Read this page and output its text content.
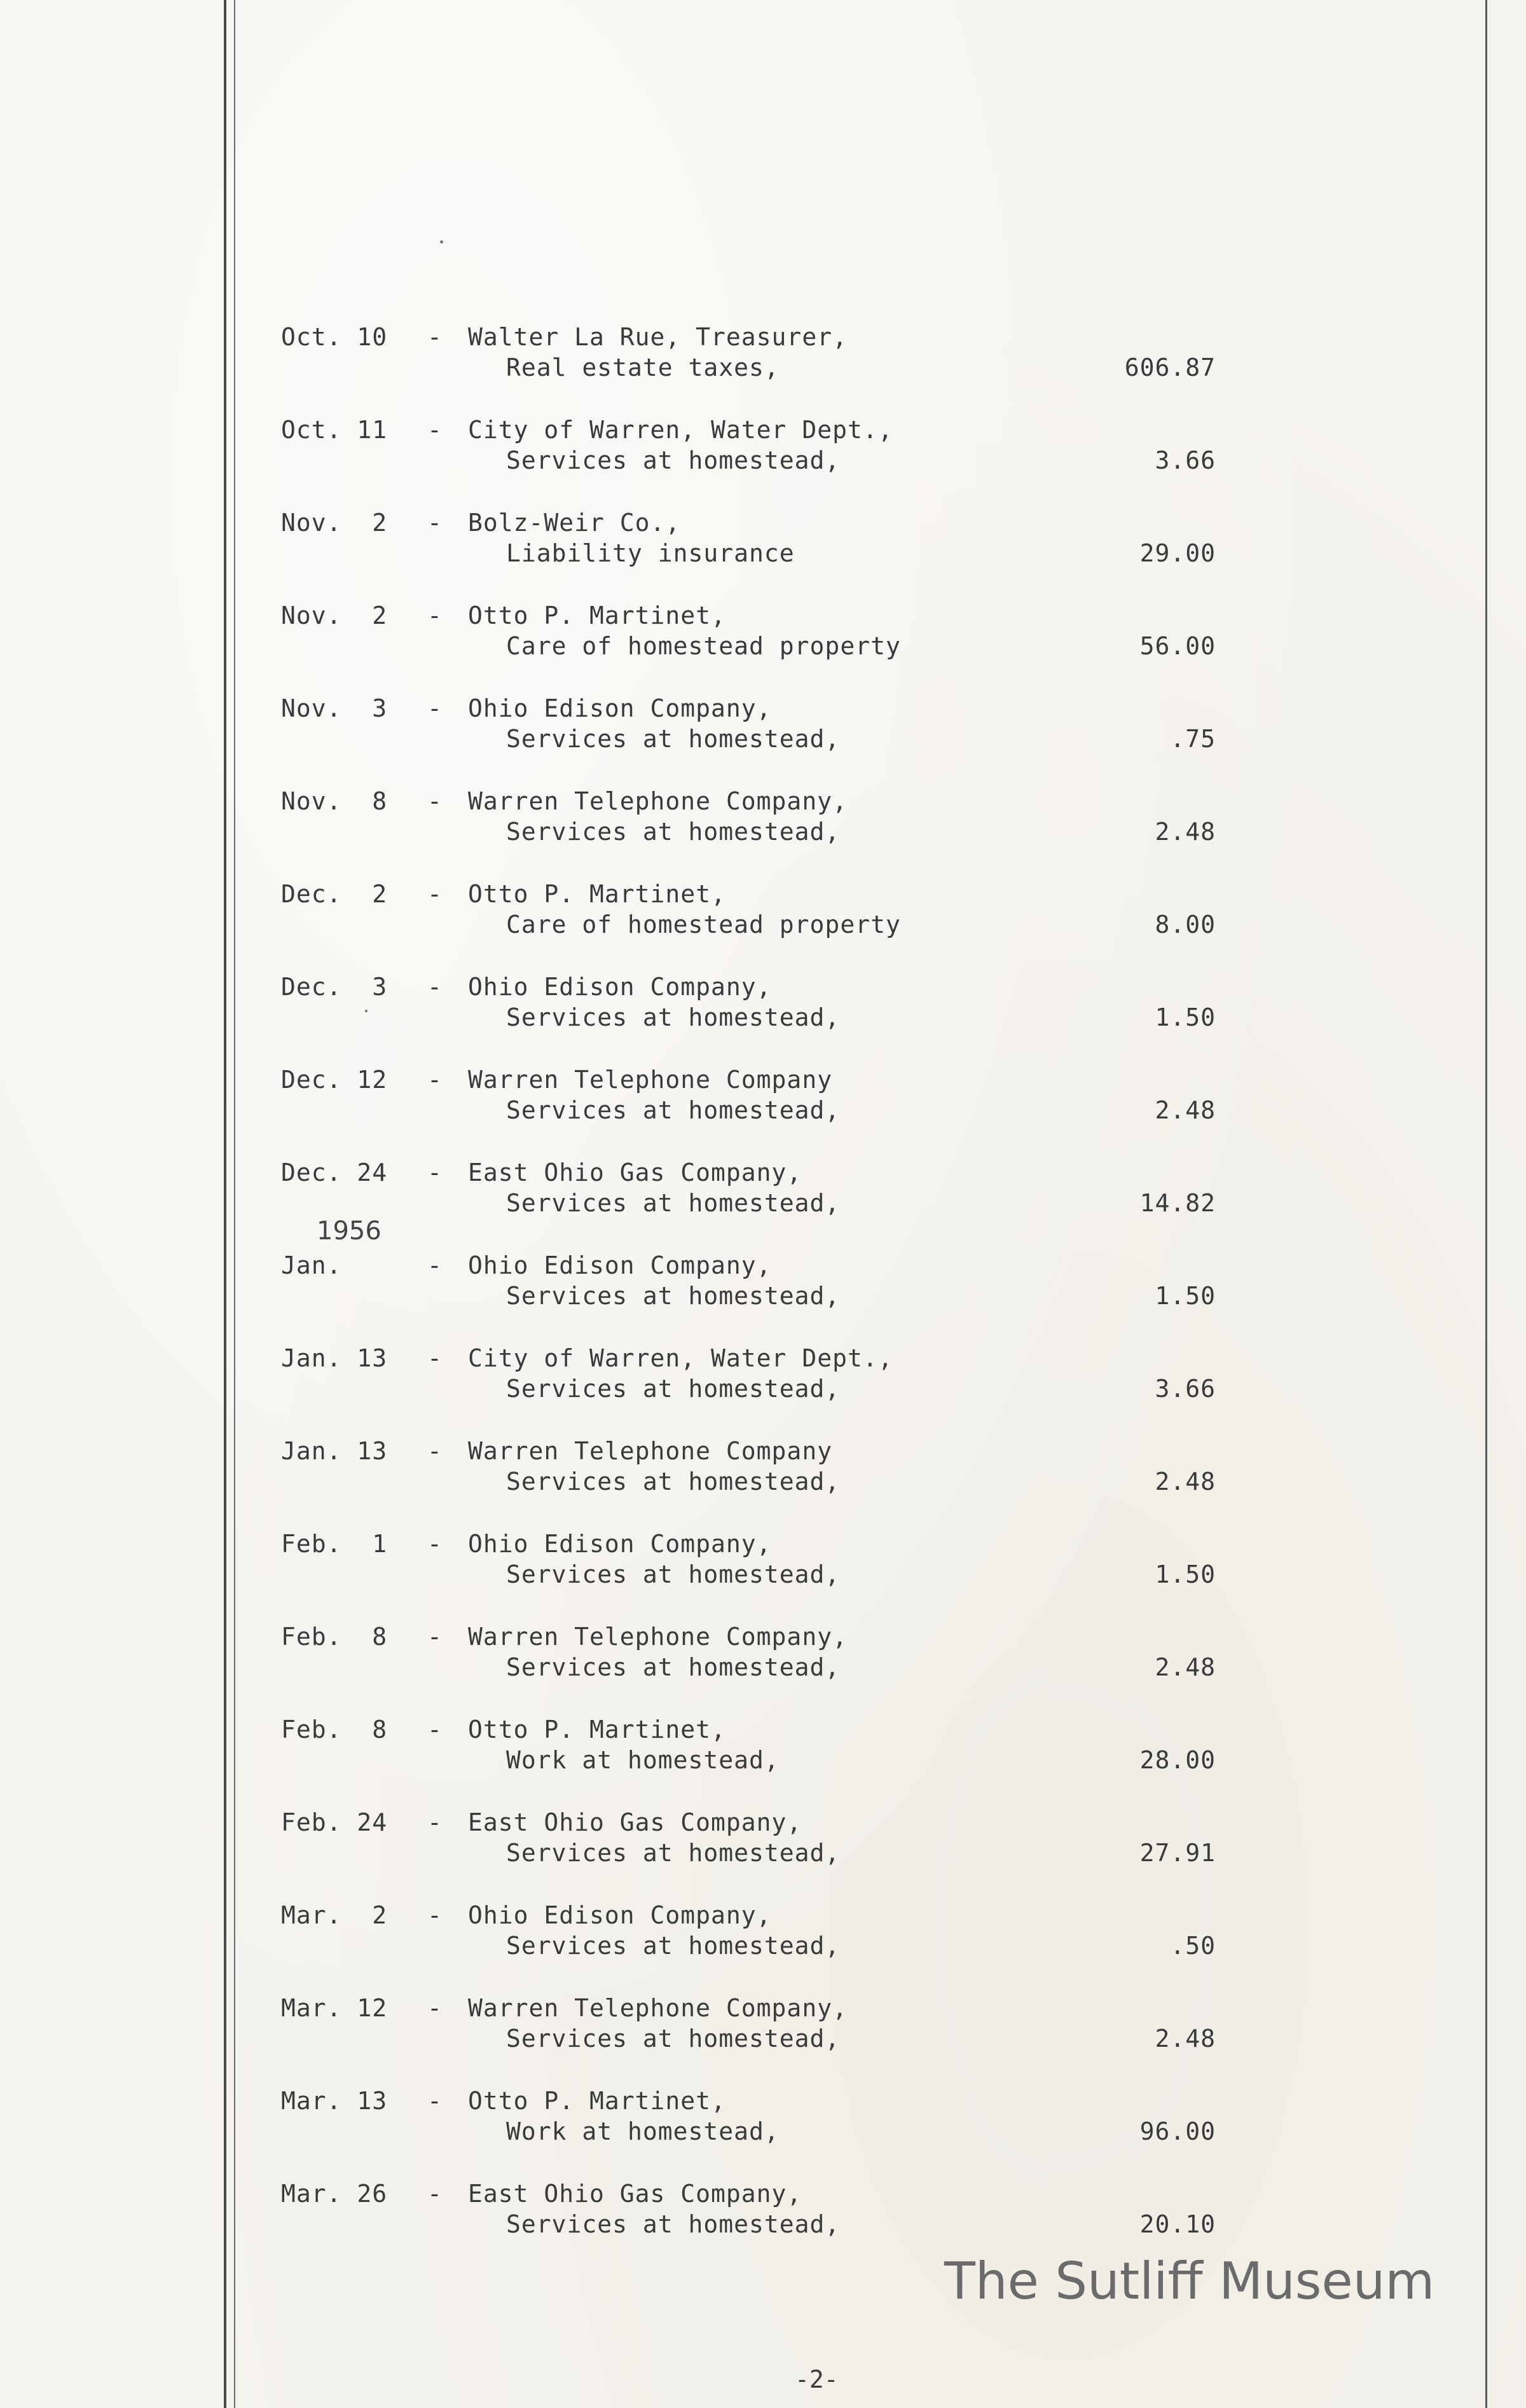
Oct. 10 - Walter La Rue, Treasurer,
Real estate taxes,	606.87
Oct. 11 - City of Warren, Water Dept.,
Services at homestead,	3.66
Nov.  2 - Bolz-Weir Co.,
Liability insurance	29.00
Nov.  2 - Otto P. Martinet,
Care of homestead property	56.00
Nov.  3 - Ohio Edison Company,
Services at homestead,	.75
Nov.  8 - Warren Telephone Company,
Services at homestead,	2.48
Dec.  2 - Otto P. Martinet,
Care of homestead property	8.00
Dec.  3 - Ohio Edison Company,
Services at homestead,	1.50
Dec. 12 - Warren Telephone Company
Services at homestead,	2.48
Dec. 24 - East Ohio Gas Company,
Services at homestead,	14.82
1956
Jan.	- Ohio Edison Company,
Services at homestead,	1.50
Jan. 13 - City of Warren, Water Dept.,
Services at homestead,	3.66
Jan. 13 - Warren Telephone Company
Services at homestead,	2.48
Feb.  1 - Ohio Edison Company,
Services at homestead,	1.50
Feb.  8 - Warren Telephone Company,
Services at homestead,	2.48
Feb.  8 - Otto P. Martinet,
Work at homestead,	28.00
Feb. 24 - East Ohio Gas Company,
Services at homestead,	27.91
Mar.  2 - Ohio Edison Company,
Services at homestead,	.50
Mar. 12 - Warren Telephone Company,
Services at homestead,	2.48
Mar. 13 - Otto P. Martinet,
Work at homestead,	96.00
Mar. 26 - East Ohio Gas Company,
Services at homestead,	20.10
The Sutliff Museum
-2-
